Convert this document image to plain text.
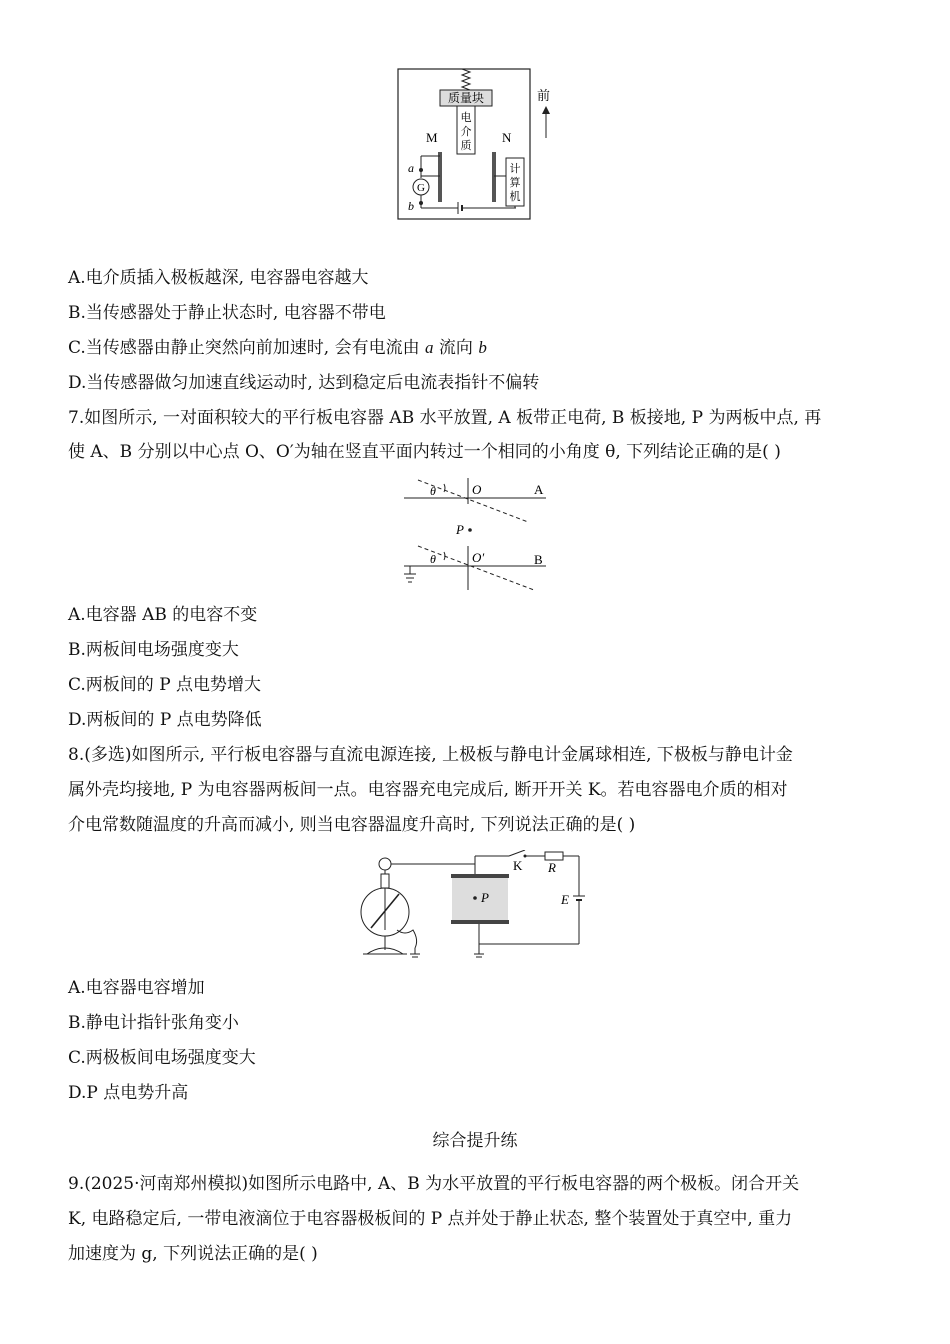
质量块
电
介
质
M	N
a
G
b
计
算
机
前
A.电介质插入极板越深, 电容器电容越大
B.当传感器处于静止状态时, 电容器不带电
C.当传感器由静止突然向前加速时, 会有电流由 a 流向 b
D.当传感器做匀加速直线运动时, 达到稳定后电流表指针不偏转
7.如图所示, 一对面积较大的平行板电容器 AB 水平放置, A 板带正电荷, B 板接地, P 为两板中点, 再
使 A、B 分别以中心点 O、O′为轴在竖直平面内转过一个相同的小角度 θ, 下列结论正确的是( )
θ	O	A
P
θ	O′	B
A.电容器 AB 的电容不变
B.两板间电场强度变大
C.两板间的 P 点电势增大
D.两板间的 P 点电势降低
8.(多选)如图所示, 平行板电容器与直流电源连接, 上极板与静电计金属球相连, 下极板与静电计金
属外壳均接地, P 为电容器两板间一点。电容器充电完成后, 断开开关 K。若电容器电介质的相对
介电常数随温度的升高而减小, 则当电容器温度升高时, 下列说法正确的是( )
P
K R
E
A.电容器电容增加
B.静电计指针张角变小
C.两极板间电场强度变大
D.P 点电势升高
综合提升练
9.(2025·河南郑州模拟)如图所示电路中, A、B 为水平放置的平行板电容器的两个极板。闭合开关
K, 电路稳定后, 一带电液滴位于电容器极板间的 P 点并处于静止状态, 整个装置处于真空中, 重力
加速度为 g, 下列说法正确的是( )
